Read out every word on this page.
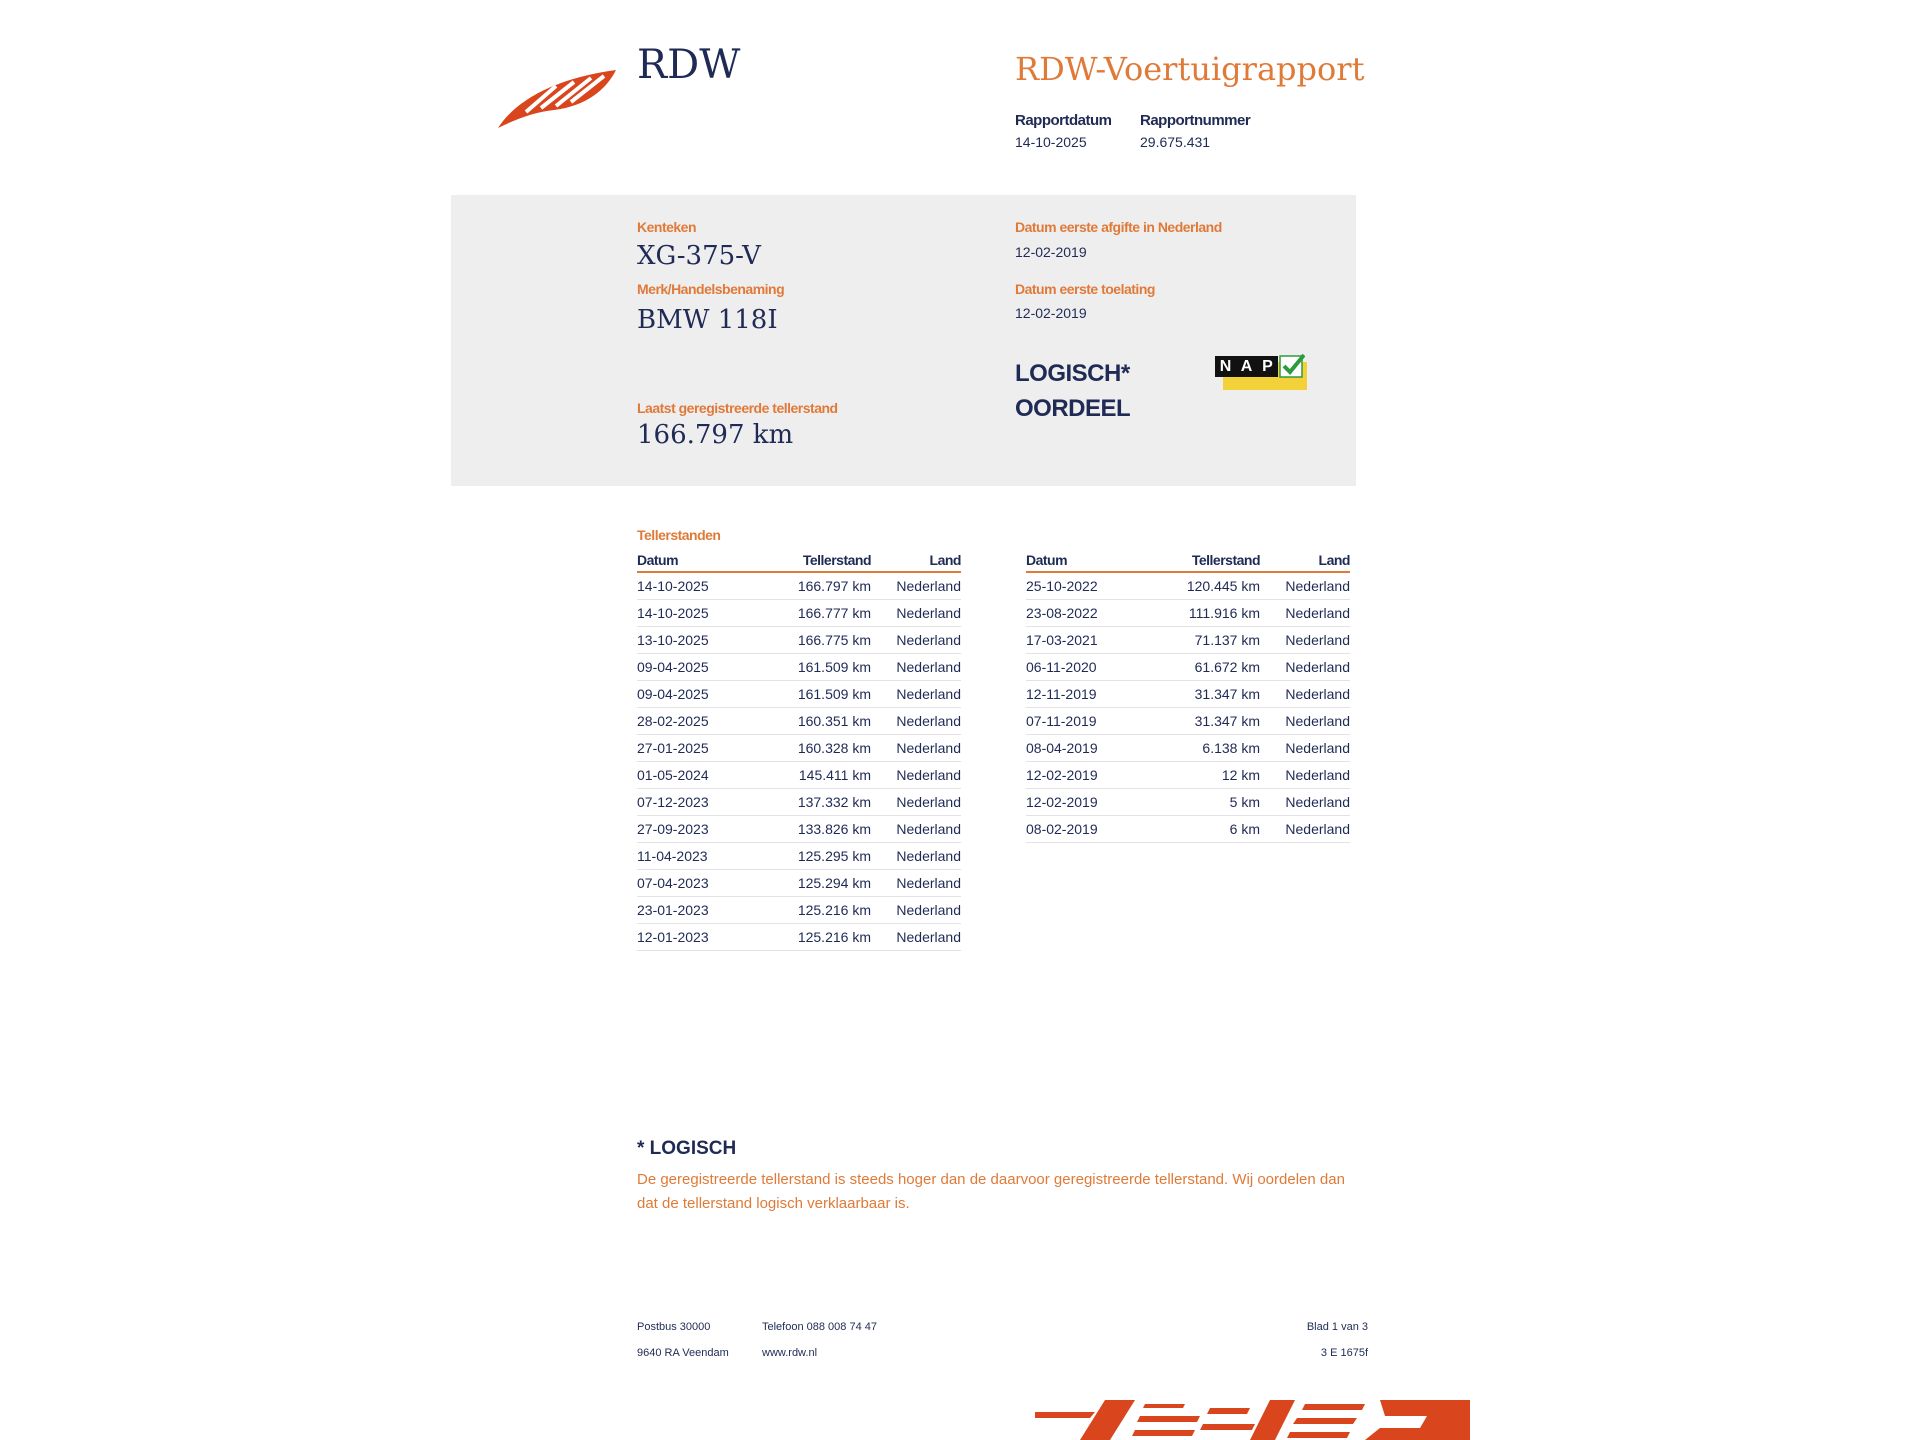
RDW	RDW-Voertuigrapport
Rapportdatum
14-10-2025
Rapportnummer
29.675.431
Kenteken
XG-375-V
Merk/Handelsbenaming
BMW 118I
Laatst geregistreerde tellerstand
166.797 km
Datum eerste afgifte in Nederland
12-02-2019
Datum eerste toelating
12-02-2019
LOGISCH*
OORDEEL
N A P
Tellerstanden
Datum	Tellerstand	Land
14-10-2025	166.797 km	Nederland
14-10-2025	166.777 km	Nederland
13-10-2025	166.775 km	Nederland
09-04-2025	161.509 km	Nederland
09-04-2025	161.509 km	Nederland
28-02-2025	160.351 km	Nederland
27-01-2025	160.328 km	Nederland
01-05-2024	145.411 km	Nederland
07-12-2023	137.332 km	Nederland
27-09-2023	133.826 km	Nederland
11-04-2023	125.295 km	Nederland
07-04-2023	125.294 km	Nederland
23-01-2023	125.216 km	Nederland
12-01-2023	125.216 km	Nederland
Datum	Tellerstand	Land
25-10-2022	120.445 km	Nederland
23-08-2022	111.916 km	Nederland
17-03-2021	71.137 km	Nederland
06-11-2020	61.672 km	Nederland
12-11-2019	31.347 km	Nederland
07-11-2019	31.347 km	Nederland
08-04-2019	6.138 km	Nederland
12-02-2019	12 km	Nederland
12-02-2019	5 km	Nederland
08-02-2019	6 km	Nederland
* LOGISCH
De geregistreerde tellerstand is steeds hoger dan de daarvoor geregistreerde tellerstand. Wij oordelen dan dat de tellerstand logisch verklaarbaar is.
Postbus 30000
9640 RA Veendam
Telefoon 088 008 74 47
www.rdw.nl
Blad 1 van 3
3 E 1675f
